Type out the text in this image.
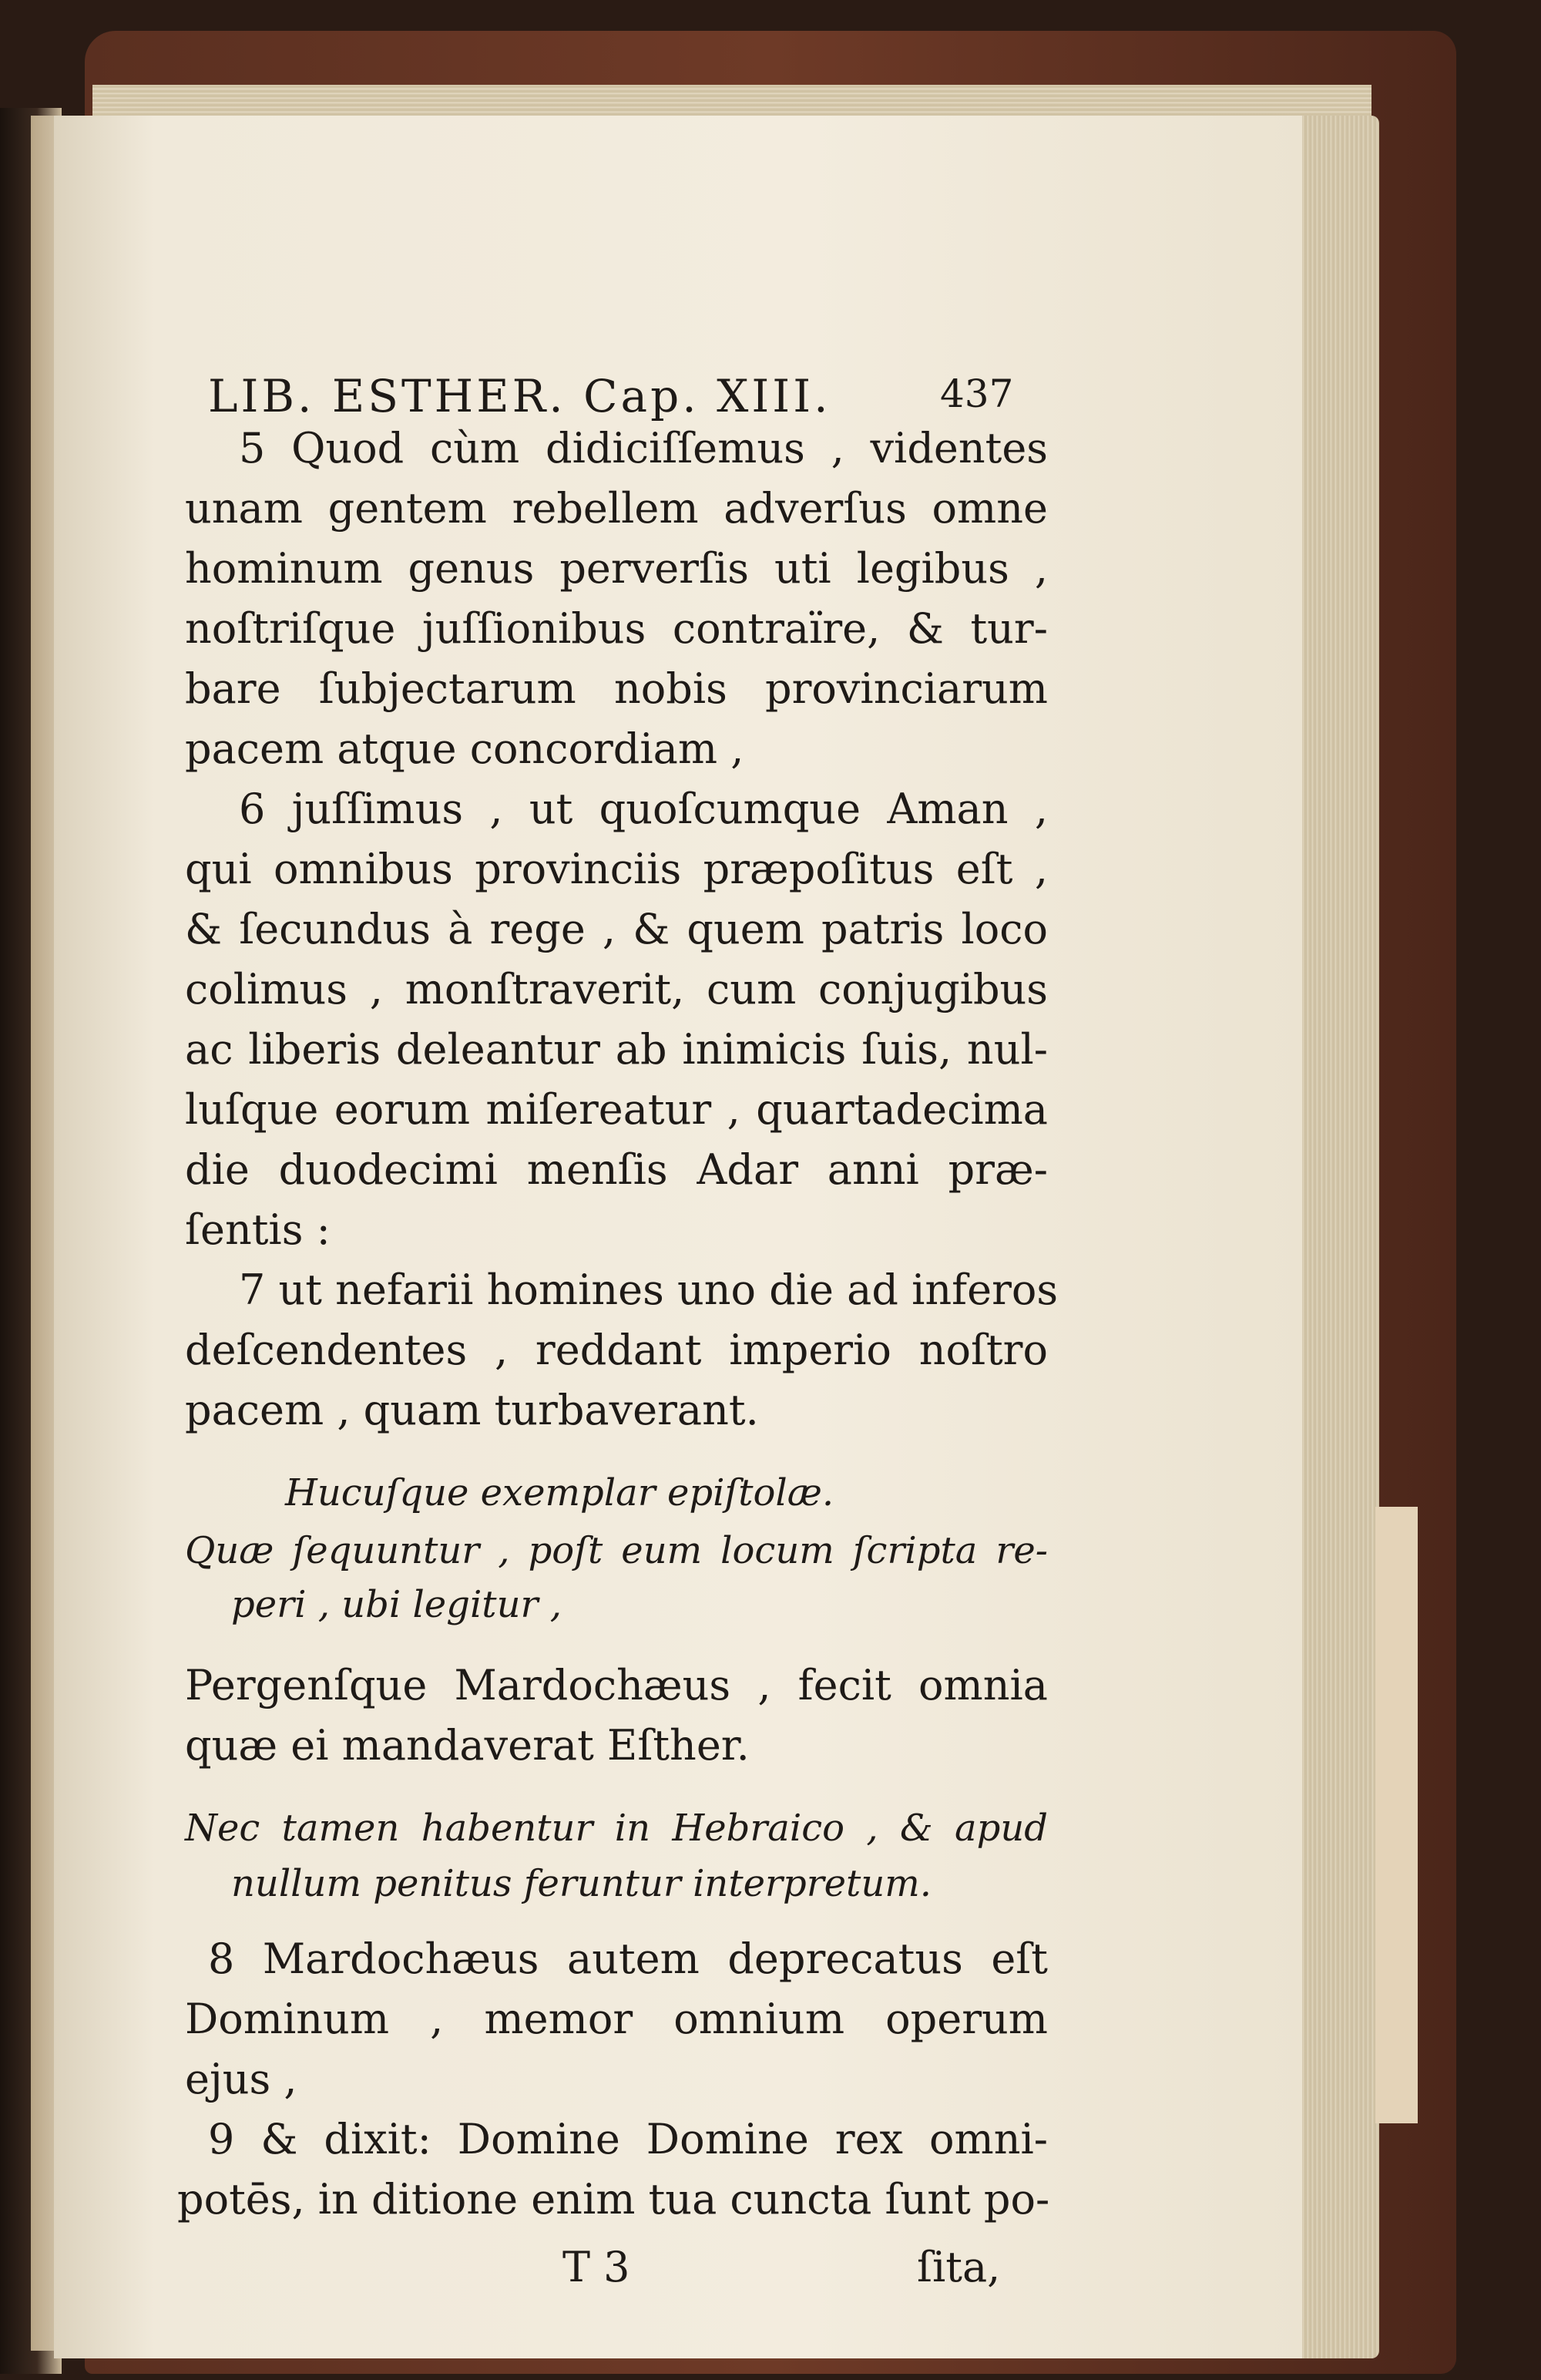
LIB. ESTHER. Cap. XIII.	437
5 Quod cùm didiciſſemus , videntes
unam gentem rebellem adverſus omne
hominum genus perverſis uti legibus ,
noſtriſque juſſionibus contraïre, & tur-
bare ſubjectarum nobis provinciarum
pacem atque concordiam ,
6 juſſimus , ut quoſcumque Aman ,
qui omnibus provinciis præpoſitus eſt ,
& ſecundus à rege , & quem patris loco
colimus , monſtraverit, cum conjugibus
ac liberis deleantur ab inimicis ſuis, nul-
luſque eorum miſereatur , quartadecima
die duodecimi menſis Adar anni præ-
ſentis :
7 ut nefarii homines uno die ad inferos
deſcendentes , reddant imperio noſtro
pacem , quam turbaverant.
Hucuſque exemplar epiſtolæ.
Quæ ſequuntur , poſt eum locum ſcripta re-
peri , ubi legitur ,
Pergenſque Mardochæus , fecit omnia
quæ ei mandaverat Eſther.
Nec tamen habentur in Hebraico , & apud
nullum penitus feruntur interpretum.
8 Mardochæus autem deprecatus eſt
Dominum , memor omnium operum
ejus ,
9 & dixit: Domine Domine rex omni-
potēs, in ditione enim tua cuncta ſunt po-
T 3	ſita,
